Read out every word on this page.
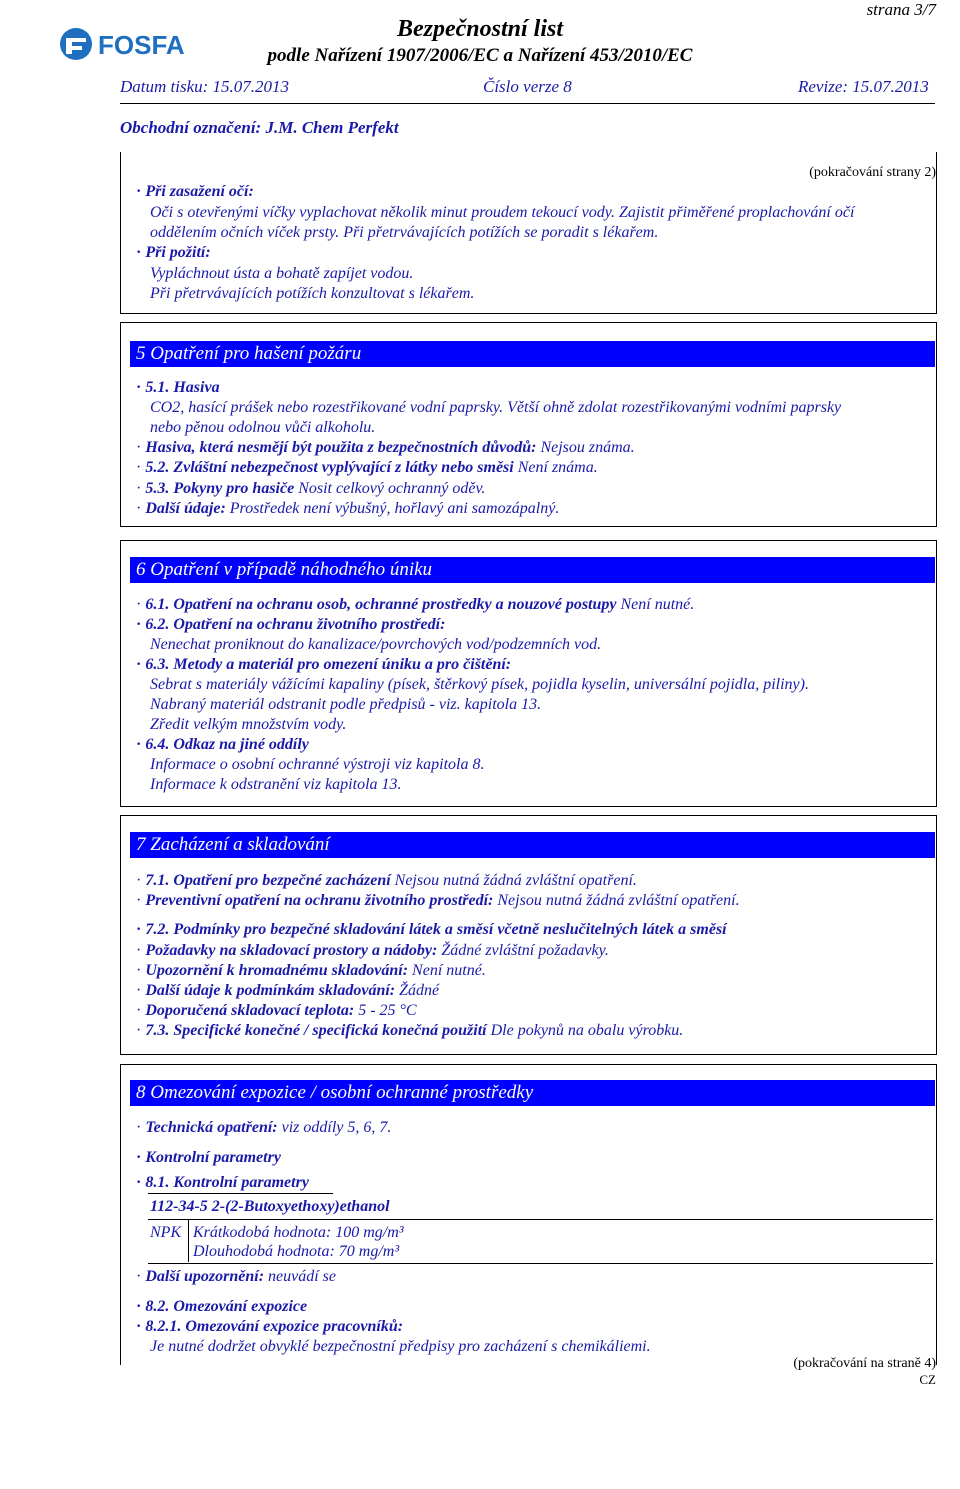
FOSFA
strana 3/7
Bezpečnostní list
podle Nařízení 1907/2006/EC a Nařízení 453/2010/EC
Datum tisku: 15.07.2013	Číslo verze 8	Revize: 15.07.2013
Obchodní označení: J.M. Chem Perfekt
(pokračování strany 2)
· Při zasažení očí:
Oči s otevřenými víčky vyplachovat několik minut proudem tekoucí vody. Zajistit přiměřené proplachování očí
oddělením očních víček prsty. Při přetrvávajících potížích se poradit s lékařem.
· Při požití:
Vypláchnout ústa a bohatě zapíjet vodou.
Při přetrvávajících potížích konzultovat s lékařem.
5 Opatření pro hašení požáru
· 5.1. Hasiva
CO2, hasící prášek nebo rozestřikované vodní paprsky. Větší ohně zdolat rozestřikovanými vodními paprsky
nebo pěnou odolnou vůči alkoholu.
· Hasiva, která nesmějí být použita z bezpečnostních důvodů: Nejsou známa.
· 5.2. Zvláštní nebezpečnost vyplývající z látky nebo směsi Není známa.
· 5.3. Pokyny pro hasiče Nosit celkový ochranný oděv.
· Další údaje: Prostředek není výbušný, hořlavý ani samozápalný.
6 Opatření v případě náhodného úniku
· 6.1. Opatření na ochranu osob, ochranné prostředky a nouzové postupy Není nutné.
· 6.2. Opatření na ochranu životního prostředí:
Nenechat proniknout do kanalizace/povrchových vod/podzemních vod.
· 6.3. Metody a materiál pro omezení úniku a pro čištění:
Sebrat s materiály vážícími kapaliny (písek, štěrkový písek, pojidla kyselin, universální pojidla, piliny).
Nabraný materiál odstranit podle předpisů - viz. kapitola 13.
Zředit velkým množstvím vody.
· 6.4. Odkaz na jiné oddíly
Informace o osobní ochranné výstroji viz kapitola 8.
Informace k odstranění viz kapitola 13.
7 Zacházení a skladování
· 7.1. Opatření pro bezpečné zacházení Nejsou nutná žádná zvláštní opatření.
· Preventivní opatření na ochranu životního prostředí: Nejsou nutná žádná zvláštní opatření.
· 7.2. Podmínky pro bezpečné skladování látek a směsí včetně neslučitelných látek a směsí
· Požadavky na skladovací prostory a nádoby: Žádné zvláštní požadavky.
· Upozornění k hromadnému skladování: Není nutné.
· Další údaje k podmínkám skladování: Žádné
· Doporučená skladovací teplota: 5 - 25 °C
· 7.3. Specifické konečné / specifická konečná použití Dle pokynů na obalu výrobku.
8 Omezování expozice / osobní ochranné prostředky
· Technická opatření: viz oddíly 5, 6, 7.
· Kontrolní parametry
· 8.1. Kontrolní parametry
112-34-5 2-(2-Butoxyethoxy)ethanol
NPK Krátkodobá hodnota: 100 mg/m³
Dlouhodobá hodnota: 70 mg/m³
· Další upozornění: neuvádí se
· 8.2. Omezování expozice
· 8.2.1. Omezování expozice pracovníků:
Je nutné dodržet obvyklé bezpečnostní předpisy pro zacházení s chemikáliemi.
(pokračování na straně 4)
CZ
